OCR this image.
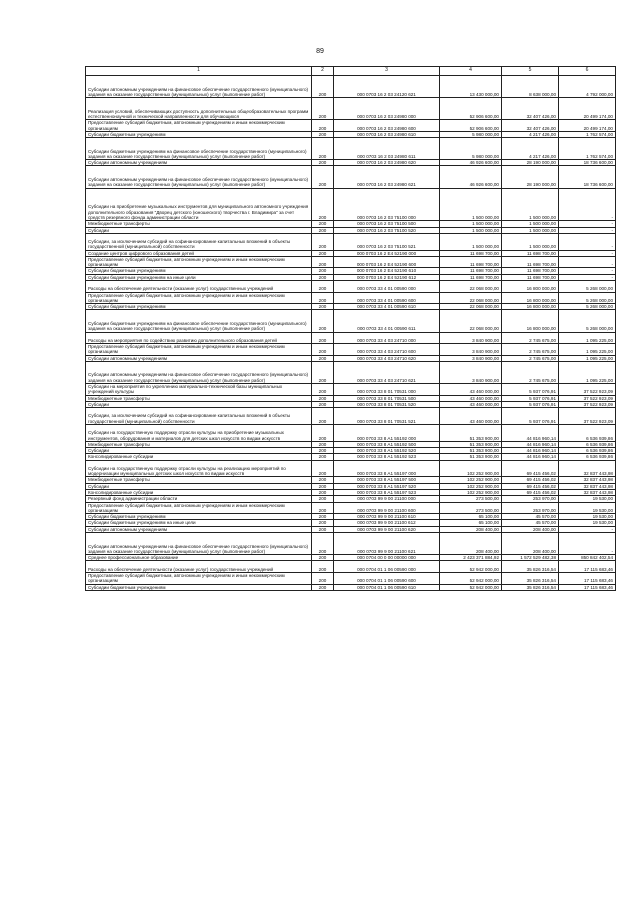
89
1	2	3	4	5	6
Субсидии автономным учреждениям на финансовое обеспечение государственного (муниципального) задания на оказание государственных (муниципальных) услуг (выполнение работ)	200	000 0703 16 2 03 24120 621	13 430 000,00	8 638 000,00	4 792 000,00
Реализация условий, обеспечивающих доступность дополнительных общеобразовательных программ естественнонаучной и технической направленности для обучающихся	200	000 0703 16 2 03 24980 000	52 906 600,00	32 407 426,00	20 499 174,00
Предоставление субсидий бюджетным, автономным учреждениям и иным некоммерческим организациям	200	000 0703 16 2 03 24980 600	52 906 600,00	32 407 426,00	20 499 174,00
Субсидии бюджетным учреждениям	200	000 0703 16 2 03 24980 610	5 980 000,00	4 217 426,00	1 762 574,00
Субсидии бюджетным учреждениям на финансовое обеспечение государственного (муниципального) задания на оказание государственных (муниципальных) услуг (выполнение работ)	200	000 0703 16 2 03 24980 611	5 980 000,00	4 217 426,00	1 762 574,00
Субсидии автономным учреждениям	200	000 0703 16 2 03 24980 620	46 926 600,00	28 190 000,00	18 736 600,00
Субсидии автономным учреждениям на финансовое обеспечение государственного (муниципального) задания на оказание государственных (муниципальных) услуг (выполнение работ)	200	000 0703 16 2 03 24980 621	46 926 600,00	28 190 000,00	18 736 600,00
Субсидии на приобретение музыкальных инструментов для муниципального автономного учреждения дополнительного образования "Дворец детского (юношеского) творчества г. Владимира" за счет средств резервного фонда администрации области	200	000 0703 16 2 03 75100 000	1 500 000,00	1 500 000,00	-
Межбюджетные трансферты	200	000 0703 16 2 03 75100 500	1 500 000,00	1 500 000,00	-
Субсидии	200	000 0703 16 2 03 75100 520	1 500 000,00	1 500 000,00	-
Субсидии, за исключением субсидий на софинансирование капитальных вложений в объекты государственной (муниципальной) собственности	200	000 0703 16 2 03 75100 521	1 500 000,00	1 500 000,00	-
Создание центров цифрового образования детей	200	000 0703 16 2 E4 52190 000	11 698 700,00	11 698 700,00	-
Предоставление субсидий бюджетным, автономным учреждениям и иным некоммерческим организациям	200	000 0703 16 2 E4 52190 600	11 698 700,00	11 698 700,00	-
Субсидии бюджетным учреждениям	200	000 0703 16 2 E4 52190 610	11 698 700,00	11 698 700,00	-
Субсидии бюджетным учреждениям на иные цели	200	000 0703 16 2 E4 52190 612	11 698 700,00	11 698 700,00	-
Расходы на обеспечение деятельности (оказание услуг) государственных учреждений	200	000 0703 33 4 01 00590 000	22 068 000,00	16 800 000,00	5 268 000,00
Предоставление субсидий бюджетным, автономным учреждениям и иным некоммерческим организациям	200	000 0703 33 4 01 00590 600	22 068 000,00	16 800 000,00	5 268 000,00
Субсидии бюджетным учреждениям	200	000 0703 33 4 01 00590 610	22 068 000,00	16 800 000,00	5 268 000,00
Субсидии бюджетным учреждениям на финансовое обеспечение государственного (муниципального) задания на оказание государственных (муниципальных) услуг (выполнение работ)	200	000 0703 33 4 01 00590 611	22 068 000,00	16 800 000,00	5 268 000,00
Расходы на мероприятия по содействию развитию дополнительного образования детей	200	000 0703 33 4 03 24710 000	3 840 900,00	2 745 675,00	1 095 225,00
Предоставление субсидий бюджетным, автономным учреждениям и иным некоммерческим организациям	200	000 0703 33 4 03 24710 600	3 840 900,00	2 745 675,00	1 095 225,00
Субсидии автономным учреждениям	200	000 0703 33 4 03 24710 620	3 840 900,00	2 745 675,00	1 095 225,00
Субсидии автономным учреждениям на финансовое обеспечение государственного (муниципального) задания на оказание государственных (муниципальных) услуг (выполнение работ)	200	000 0703 33 4 03 24710 621	3 840 900,00	2 745 675,00	1 095 225,00
Субсидии на мероприятия по укреплению материально-технической базы муниципальных учреждений культуры	200	000 0703 33 8 01 70531 000	43 460 000,00	5 937 076,91	37 522 923,09
Межбюджетные трансферты	200	000 0703 33 8 01 70531 500	43 460 000,00	5 937 076,91	37 522 923,09
Субсидии	200	000 0703 33 8 01 70531 520	43 460 000,00	5 937 076,91	37 522 923,09
Субсидии, за исключением субсидий на софинансирование капитальных вложений в объекты государственной (муниципальной) собственности	200	000 0703 33 8 01 70531 521	43 460 000,00	5 937 076,91	37 522 923,09
Субсидии на государственную поддержку отрасли культуры на приобретение музыкальных инструментов, оборудования и материалов для детских школ искусств по видам искусств	200	000 0703 33 8 A1 55192 000	51 353 900,00	44 816 960,14	6 536 939,86
Межбюджетные трансферты	200	000 0703 33 8 A1 55192 500	51 353 900,00	44 816 960,14	6 536 939,86
Субсидии	200	000 0703 33 8 A1 55192 520	51 353 900,00	44 816 960,14	6 536 939,86
Консолидированные субсидии	200	000 0703 33 8 A1 55192 523	51 353 900,00	44 816 960,14	6 536 939,86
Субсидии на государственную поддержку отрасли культуры на реализацию мероприятий по модернизации муниципальных детских школ искусств по видам искусств	200	000 0703 33 8 A1 55197 000	102 252 900,00	69 415 456,02	32 837 443,98
Межбюджетные трансферты	200	000 0703 33 8 A1 55197 500	102 252 900,00	69 415 456,02	32 837 443,98
Субсидии	200	000 0703 33 8 A1 55197 520	102 252 900,00	69 415 456,02	32 837 443,98
Консолидированные субсидии	200	000 0703 33 8 A1 55197 523	102 252 900,00	69 415 456,02	32 837 443,98
Резервный фонд администрации области	200	000 0703 99 9 00 21100 000	273 500,00	253 970,00	19 530,00
Предоставление субсидий бюджетным, автономным учреждениям и иным некоммерческим организациям	200	000 0703 99 9 00 21100 600	273 500,00	253 970,00	19 530,00
Субсидии бюджетным учреждениям	200	000 0703 99 9 00 21100 610	65 100,00	45 570,00	19 530,00
Субсидии бюджетным учреждениям на иные цели	200	000 0703 99 9 00 21100 612	65 100,00	45 570,00	19 530,00
Субсидии автономным учреждениям	200	000 0703 99 9 00 21100 620	208 400,00	208 400,00	-
Субсидии автономным учреждениям на финансовое обеспечение государственного (муниципального) задания на оказание государственных (муниципальных) услуг (выполнение работ)	200	000 0703 99 9 00 21100 621	208 400,00	208 400,00	-
Среднее профессиональное образование	200	000 0704 00 0 00 00000 000	2 423 371 884,92	1 572 529 482,38	850 842 402,54
Расходы на обеспечение деятельности (оказание услуг) государственных учреждений	200	000 0704 01 1 06 00590 000	52 942 000,00	35 826 316,54	17 115 683,46
Предоставление субсидий бюджетным, автономным учреждениям и иным некоммерческим организациям	200	000 0704 01 1 06 00590 600	52 942 000,00	35 826 316,54	17 115 683,46
Субсидии бюджетным учреждениям	200	000 0704 01 1 06 00590 610	52 942 000,00	35 826 316,54	17 115 683,46
